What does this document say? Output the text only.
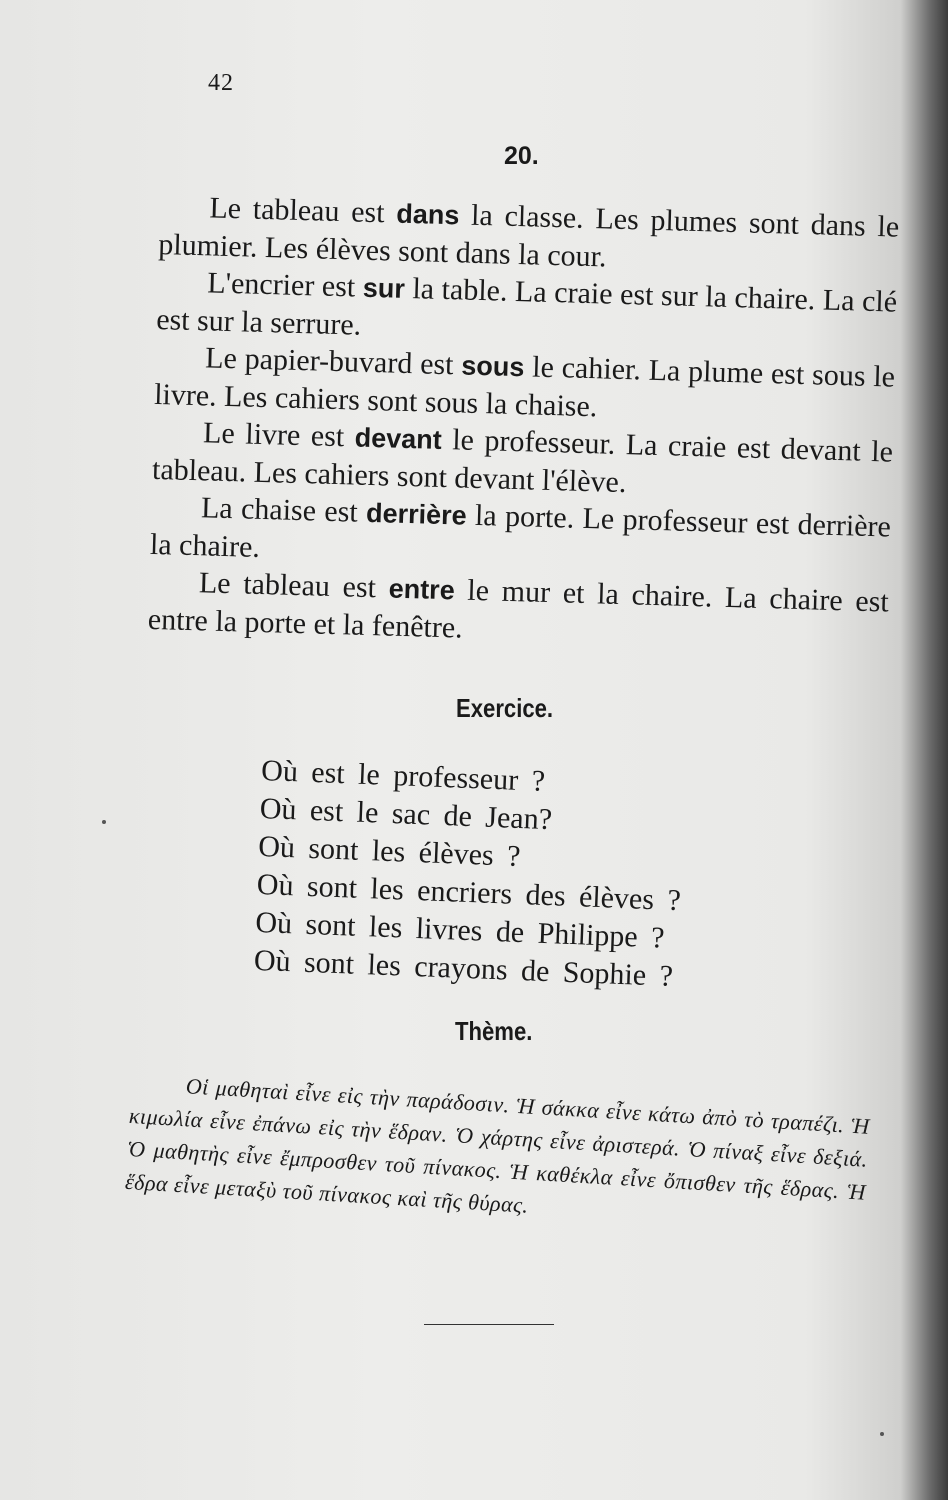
42
20.

Le tableau est dans la classe. Les plumes sont dans le plumier. Les élèves sont dans la cour.

L'encrier est sur la table. La craie est sur la chaire. La clé est sur la serrure.

Le papier-buvard est sous le cahier. La plume est sous le livre. Les cahiers sont sous la chaise.

Le livre est devant le professeur. La craie est devant le tableau. Les cahiers sont devant l'élève.

La chaise est derrière la porte. Le professeur est derrière la chaire.

Le tableau est entre le mur et la chaire. La chaire est entre la porte et la fenêtre.

Exercice.
Où est le professeur ?
Où est le sac de Jean?
Où sont les élèves ?
Où sont les encriers des élèves ?
Où sont les livres de Philippe ?
Où sont les crayons de Sophie ?
Thème.

Οἱ μαθηταὶ εἶνε εἰς τὴν παράδοσιν. Ἡ σάκκα εἶνε κάτω ἀπὸ τὸ τραπέζι. Ἡ κιμωλία εἶνε ἐπάνω εἰς τὴν ἕδραν. Ὁ χάρτης εἶνε ἀριστερά. Ὁ πίναξ εἶνε δεξιά. Ὁ μαθητὴς εἶνε ἔμπροσθεν τοῦ πίνακος. Ἡ καθέκλα εἶνε ὄπισθεν τῆς ἕδρας. Ἡ ἕδρα εἶνε μεταξὺ τοῦ πίνακος καὶ τῆς θύρας.
